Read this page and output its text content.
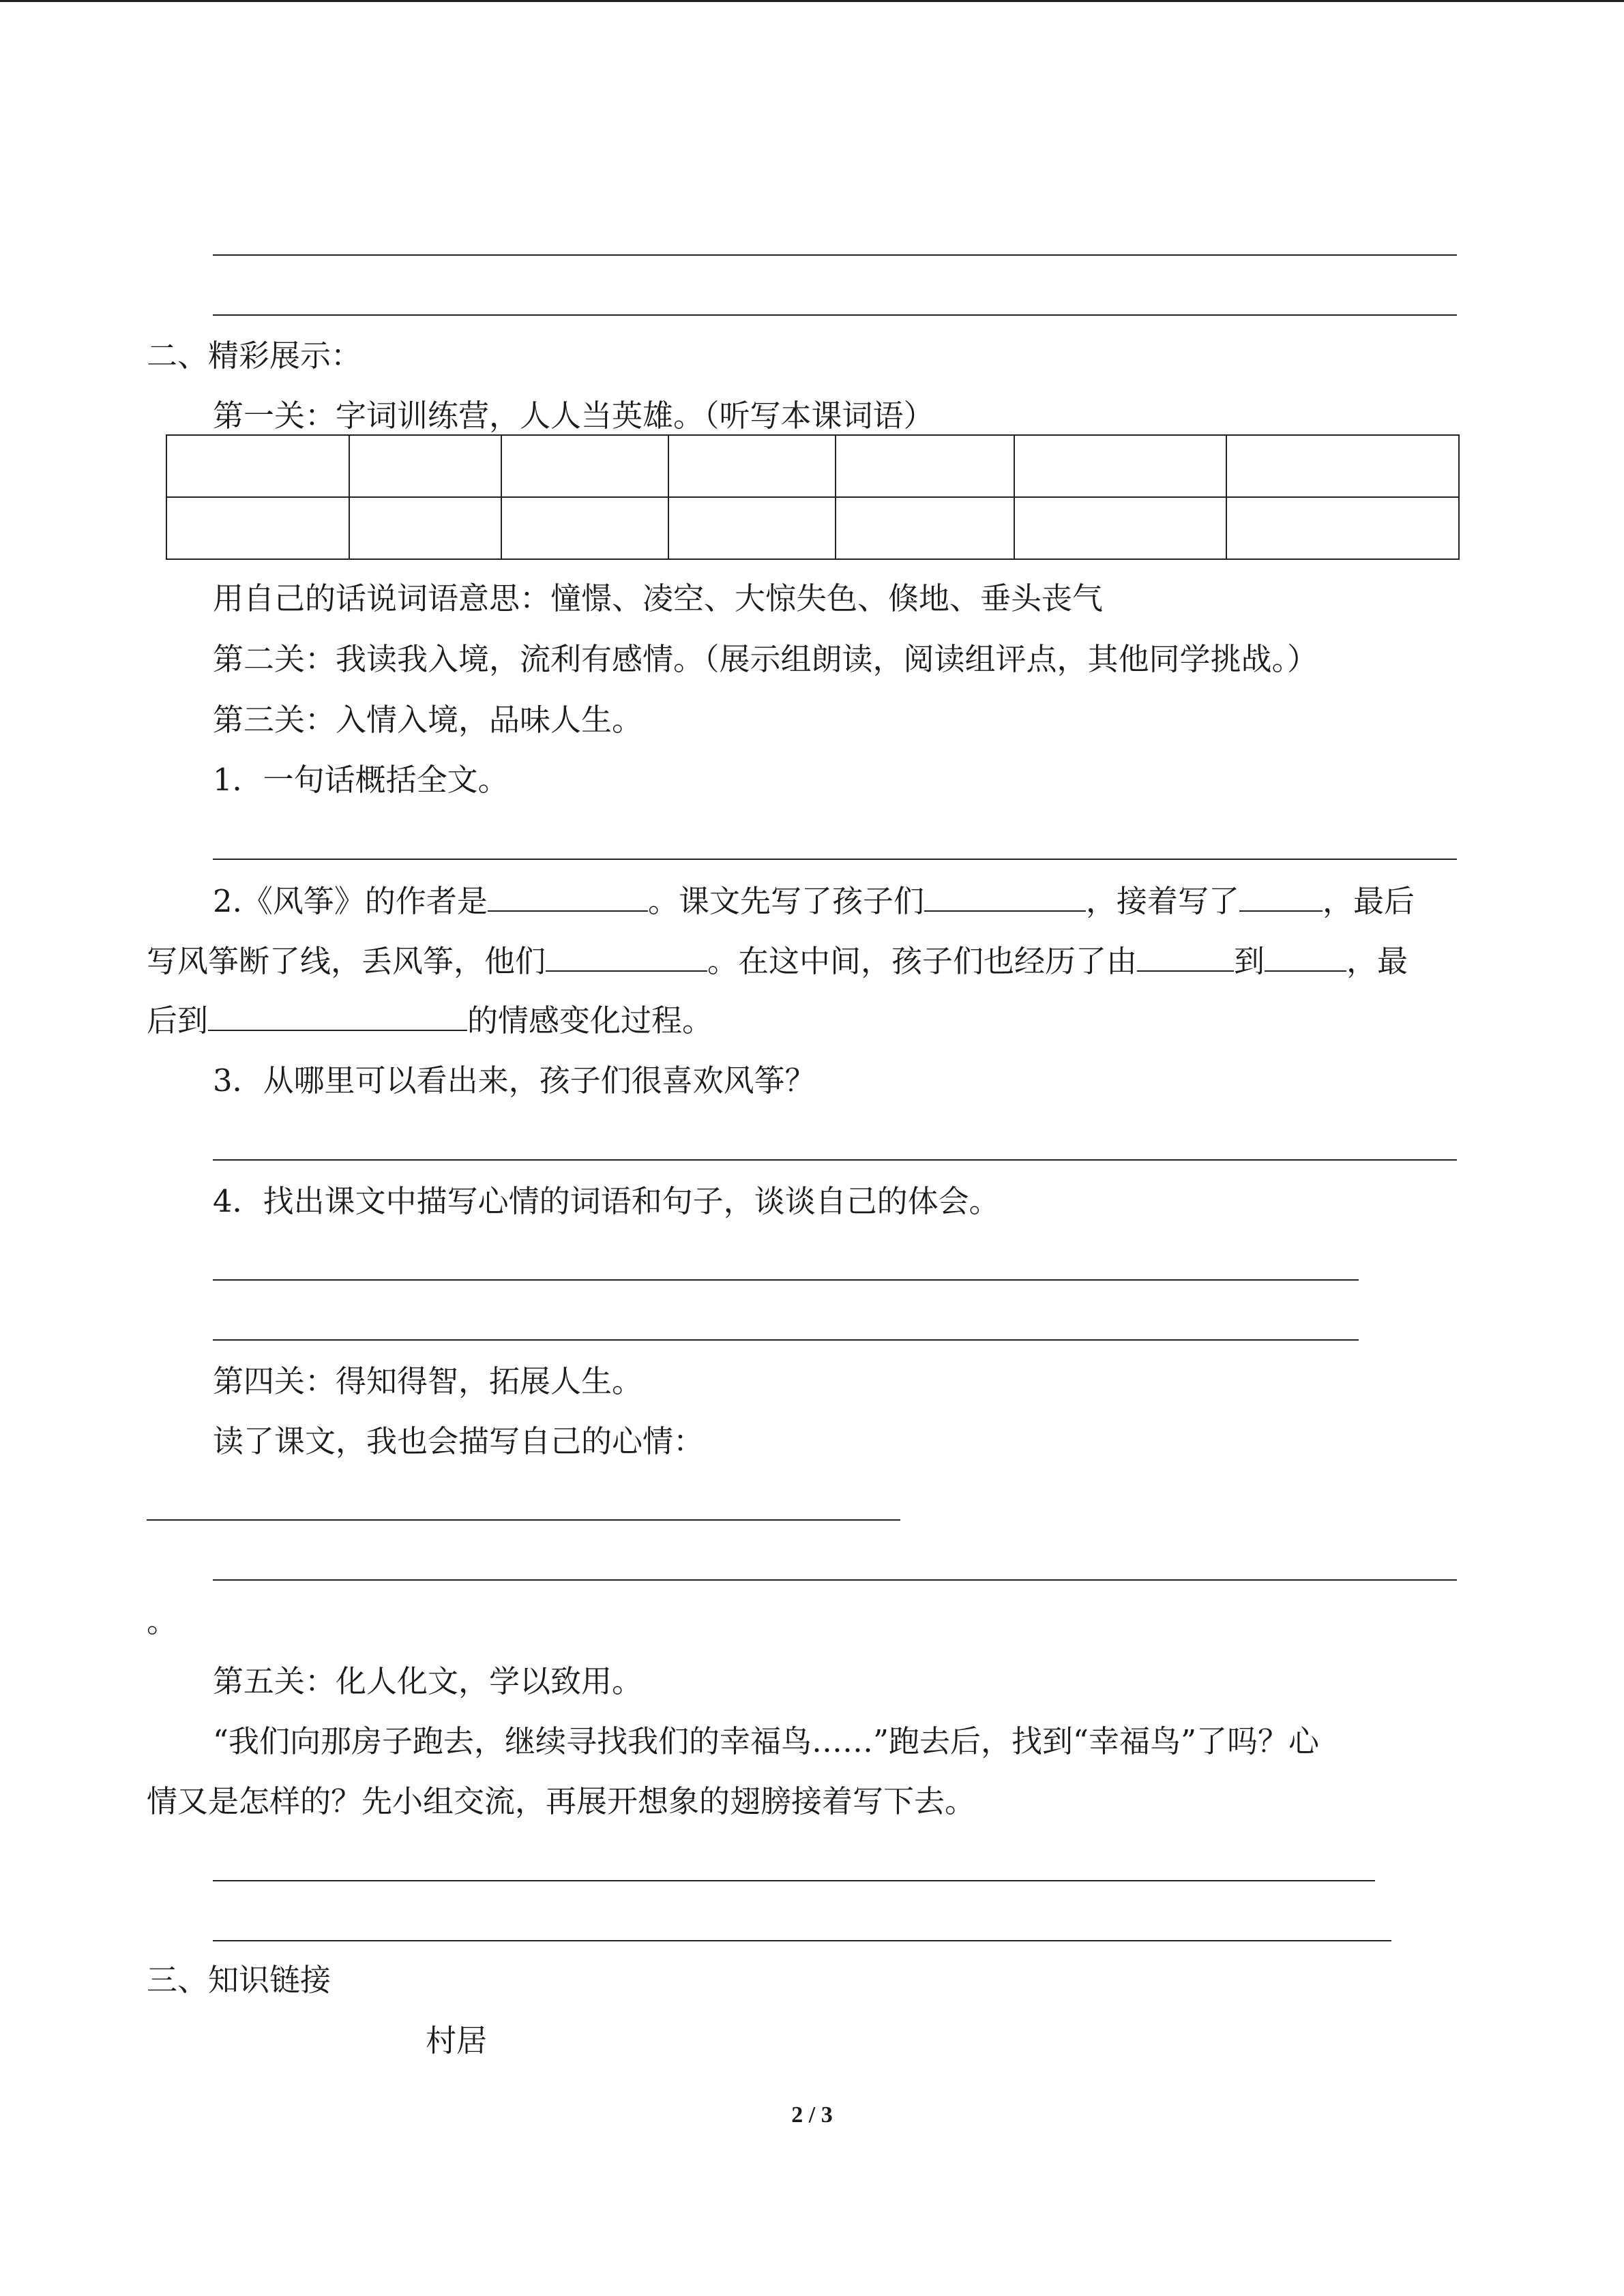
二、精彩展示：

第一关：字词训练营，人人当英雄。（听写本课词语）

用自己的话说词语意思：憧憬、凌空、大惊失色、倏地、垂头丧气

第二关：我读我入境，流利有感情。（展示组朗读，阅读组评点，其他同学挑战。）

第三关：入情入境，品味人生。

1．一句话概括全文。

2.《风筝》的作者是	。课文先写了孩子们	，接着写了	，最后

写风筝断了线，丢风筝，他们	。在这中间，孩子们也经历了由	到	，最

后到	的情感变化过程。

3．从哪里可以看出来，孩子们很喜欢风筝？

4．找出课文中描写心情的词语和句子，谈谈自己的体会。

第四关：得知得智，拓展人生。

读了课文，我也会描写自己的心情：

。

第五关：化人化文，学以致用。

“我们向那房子跑去，继续寻找我们的幸福鸟……”跑去后，找到“幸福鸟”了吗？心

情又是怎样的？先小组交流，再展开想象的翅膀接着写下去。

三、知识链接

村居

2 / 3
